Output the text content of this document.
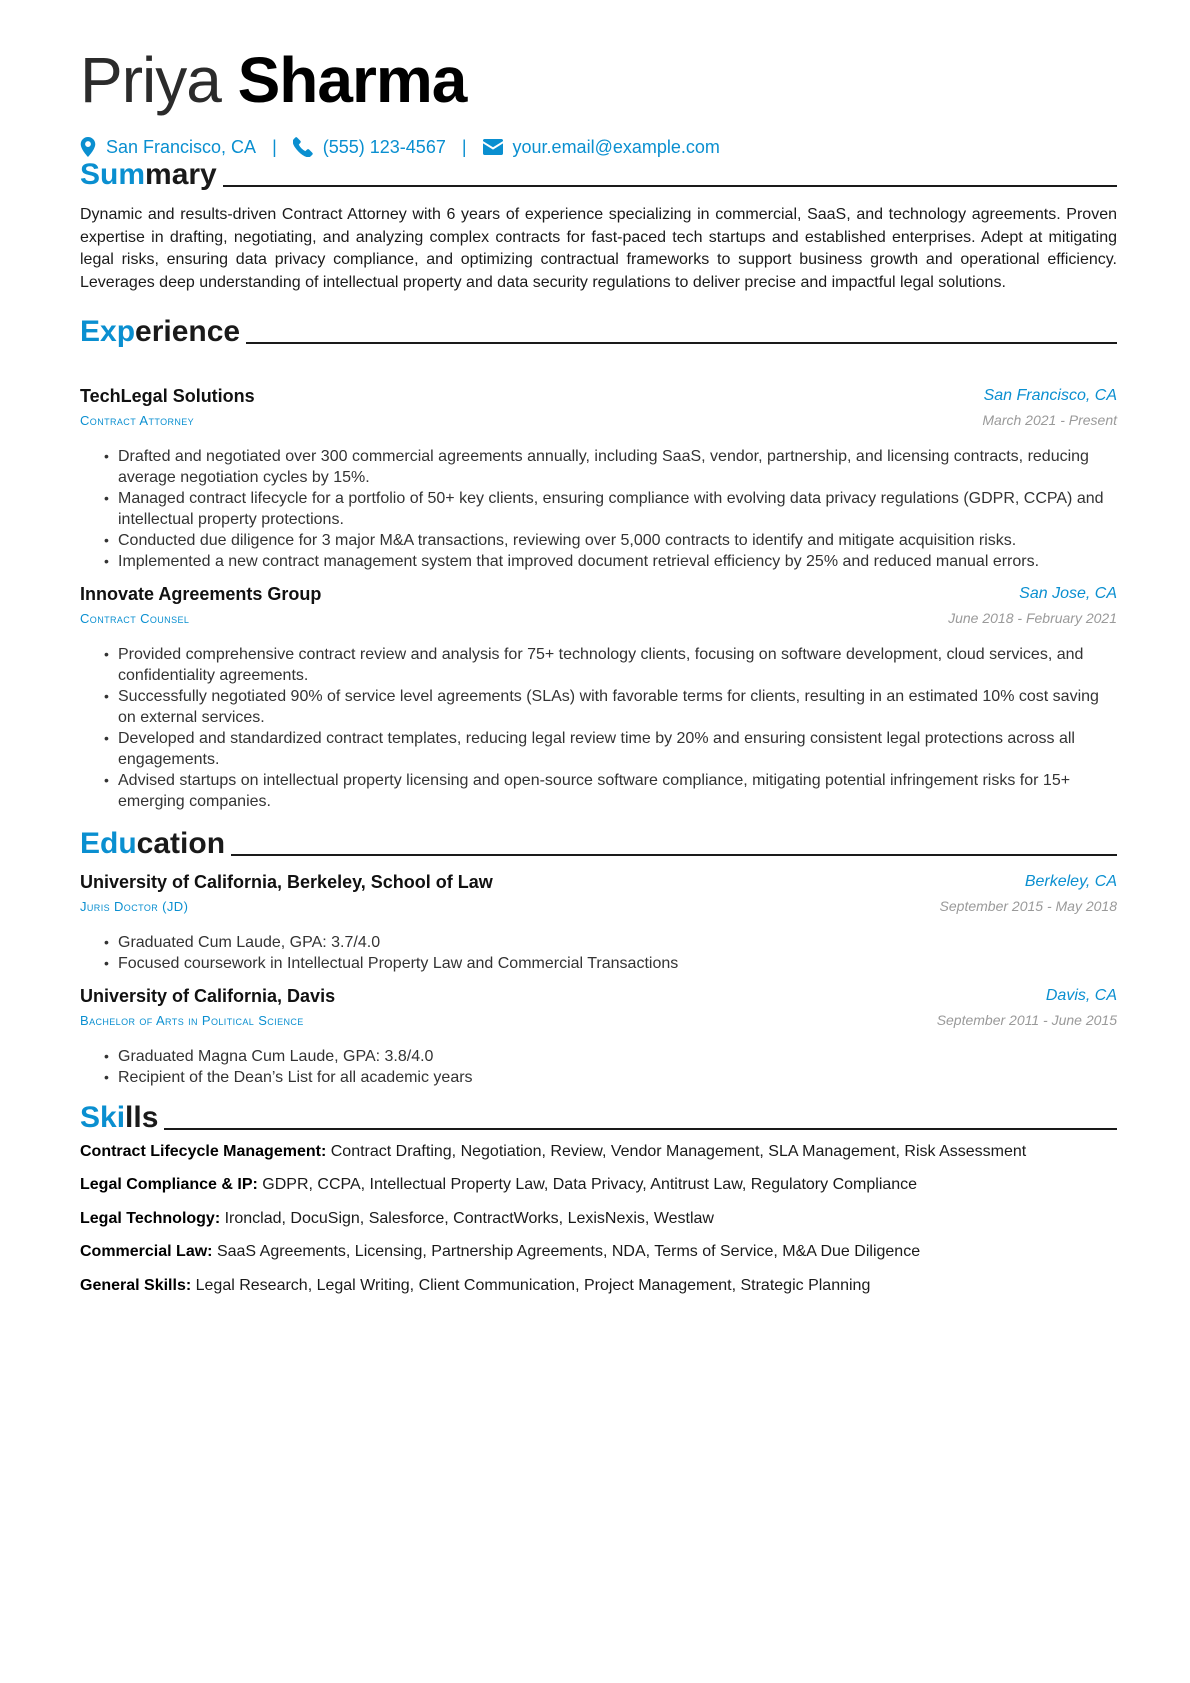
Priya Sharma
San Francisco, CA |	(555) 123-4567 |	your.email@example.com
Summary

Dynamic and results-driven Contract Attorney with 6 years of experience specializing in commercial, SaaS, and technology agreements. Proven expertise in drafting, negotiating, and analyzing complex contracts for fast-paced tech startups and established enterprises. Adept at mitigating legal risks, ensuring data privacy compliance, and optimizing contractual frameworks to support business growth and operational efficiency. Leverages deep understanding of intellectual property and data security regulations to deliver precise and impactful legal solutions.

Experience
TechLegal Solutions	San Francisco, CA
Contract Attorney	March 2021 - Present
• Drafted and negotiated over 300 commercial agreements annually, including SaaS, vendor, partnership, and licensing contracts, reducing average negotiation cycles by 15%.
• Managed contract lifecycle for a portfolio of 50+ key clients, ensuring compliance with evolving data privacy regulations (GDPR, CCPA) and intellectual property protections.
• Conducted due diligence for 3 major M&A transactions, reviewing over 5,000 contracts to identify and mitigate acquisition risks.
• Implemented a new contract management system that improved document retrieval efficiency by 25% and reduced manual errors.
Innovate Agreements Group	San Jose, CA
Contract Counsel	June 2018 - February 2021
• Provided comprehensive contract review and analysis for 75+ technology clients, focusing on software development, cloud services, and confidentiality agreements.
• Successfully negotiated 90% of service level agreements (SLAs) with favorable terms for clients, resulting in an estimated 10% cost saving on external services.
• Developed and standardized contract templates, reducing legal review time by 20% and ensuring consistent legal protections across all engagements.
• Advised startups on intellectual property licensing and open-source software compliance, mitigating potential infringement risks for 15+ emerging companies.
Education
University of California, Berkeley, School of Law	Berkeley, CA
Juris Doctor (JD)	September 2015 - May 2018
• Graduated Cum Laude, GPA: 3.7/4.0
• Focused coursework in Intellectual Property Law and Commercial Transactions
University of California, Davis	Davis, CA
Bachelor of Arts in Political Science	September 2011 - June 2015
• Graduated Magna Cum Laude, GPA: 3.8/4.0
• Recipient of the Dean’s List for all academic years
Skills
Contract Lifecycle Management: Contract Drafting, Negotiation, Review, Vendor Management, SLA Management, Risk Assessment
Legal Compliance & IP: GDPR, CCPA, Intellectual Property Law, Data Privacy, Antitrust Law, Regulatory Compliance
Legal Technology: Ironclad, DocuSign, Salesforce, ContractWorks, LexisNexis, Westlaw
Commercial Law: SaaS Agreements, Licensing, Partnership Agreements, NDA, Terms of Service, M&A Due Diligence
General Skills: Legal Research, Legal Writing, Client Communication, Project Management, Strategic Planning
